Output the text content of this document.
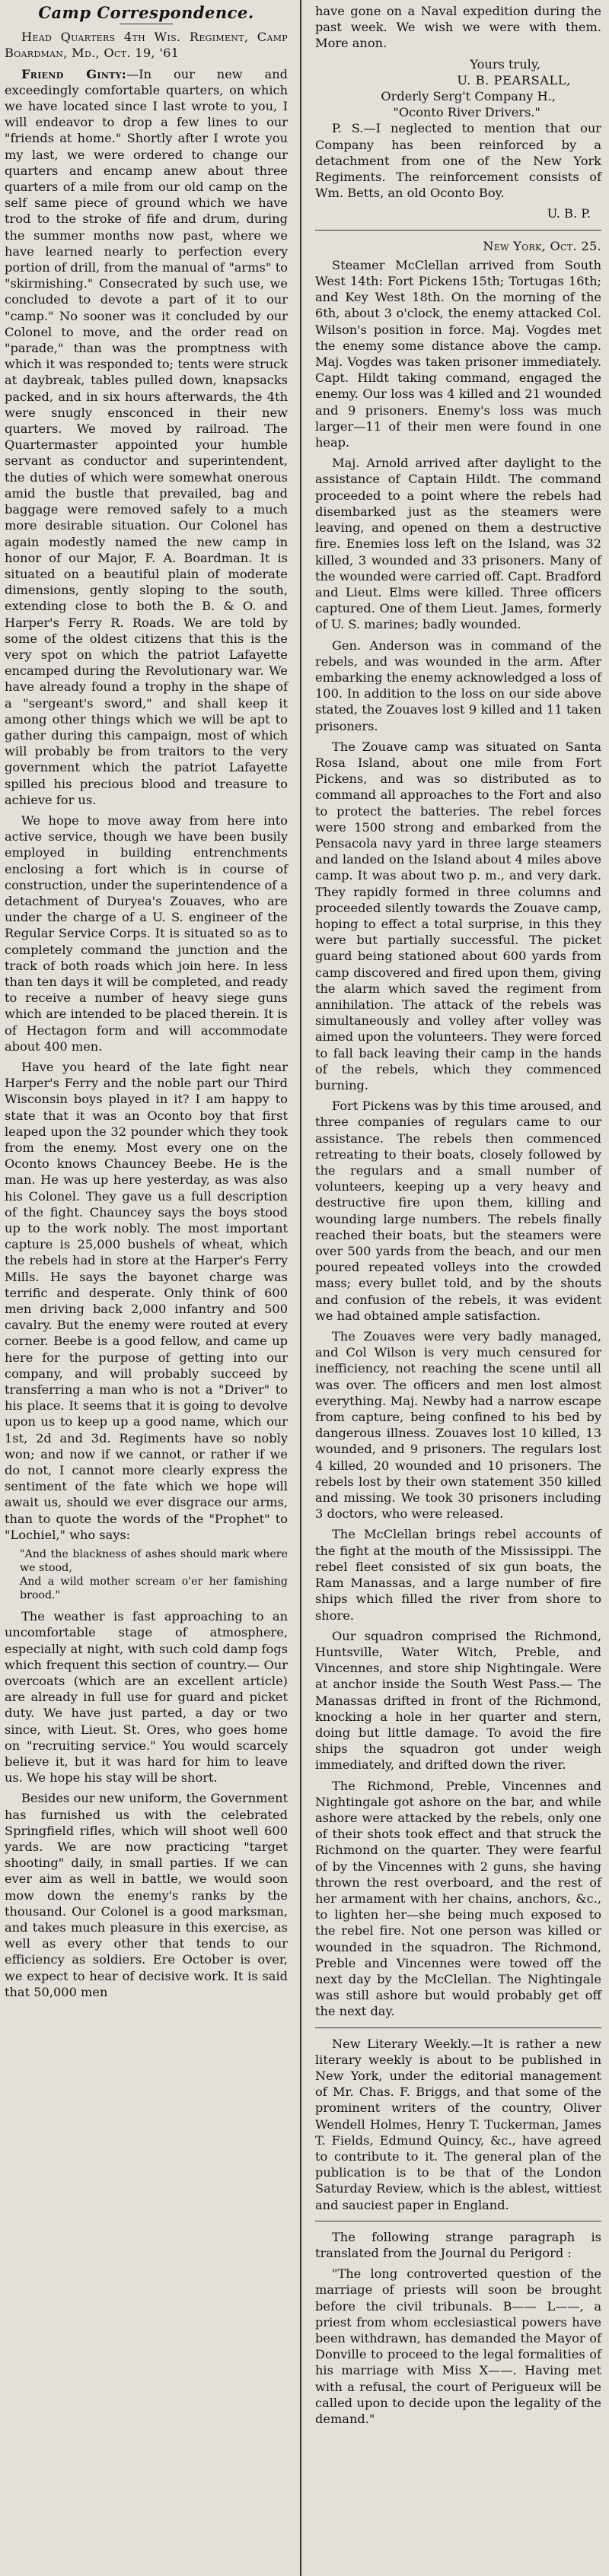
Camp Correspondence.

Head Quarters 4th Wis. Regiment, Camp Boardman, Md., Oct. 19, '61

Friend Ginty:—In our new and exceedingly comfortable quarters, on which we have located since I last wrote to you, I will endeavor to drop a few lines to our "friends at home." Shortly after I wrote you my last, we were ordered to change our quarters and encamp anew about three quarters of a mile from our old camp on the self same piece of ground which we have trod to the stroke of fife and drum, during the summer months now past, where we have learned nearly to perfection every portion of drill, from the manual of "arms" to "skirmishing." Consecrated by such use, we concluded to devote a part of it to our "camp." No sooner was it concluded by our Colonel to move, and the order read on "parade," than was the promptness with which it was responded to; tents were struck at daybreak, tables pulled down, knapsacks packed, and in six hours afterwards, the 4th were snugly ensconced in their new quarters. We moved by railroad. The Quartermaster appointed your humble servant as conductor and superintendent, the duties of which were somewhat onerous amid the bustle that prevailed, bag and baggage were removed safely to a much more desirable situation. Our Colonel has again modestly named the new camp in honor of our Major, F. A. Boardman. It is situated on a beautiful plain of moderate dimensions, gently sloping to the south, extending close to both the B. & O. and Harper's Ferry R. Roads. We are told by some of the oldest citizens that this is the very spot on which the patriot Lafayette encamped during the Revolutionary war. We have already found a trophy in the shape of a "sergeant's sword," and shall keep it among other things which we will be apt to gather during this campaign, most of which will probably be from traitors to the very government which the patriot Lafayette spilled his precious blood and treasure to achieve for us.

We hope to move away from here into active service, though we have been busily employed in building entrenchments enclosing a fort which is in course of construction, under the superintendence of a detachment of Duryea's Zouaves, who are under the charge of a U. S. engineer of the Regular Service Corps. It is situated so as to completely command the junction and the track of both roads which join here. In less than ten days it will be completed, and ready to receive a number of heavy siege guns which are intended to be placed therein. It is of Hectagon form and will accommodate about 400 men.

Have you heard of the late fight near Harper's Ferry and the noble part our Third Wisconsin boys played in it? I am happy to state that it was an Oconto boy that first leaped upon the 32 pounder which they took from the enemy. Most every one on the Oconto knows Chauncey Beebe. He is the man. He was up here yesterday, as was also his Colonel. They gave us a full description of the fight. Chauncey says the boys stood up to the work nobly. The most important capture is 25,000 bushels of wheat, which the rebels had in store at the Harper's Ferry Mills. He says the bayonet charge was terrific and desperate. Only think of 600 men driving back 2,000 infantry and 500 cavalry. But the enemy were routed at every corner. Beebe is a good fellow, and came up here for the purpose of getting into our company, and will probably succeed by transferring a man who is not a "Driver" to his place. It seems that it is going to devolve upon us to keep up a good name, which our 1st, 2d and 3d. Regiments have so nobly won; and now if we cannot, or rather if we do not, I cannot more clearly express the sentiment of the fate which we hope will await us, should we ever disgrace our arms, than to quote the words of the "Prophet" to "Lochiel," who says:

"And the blackness of ashes should mark where we stood,
And a wild mother scream o'er her famishing brood."

The weather is fast approaching to an uncomfortable stage of atmosphere, especially at night, with such cold damp fogs which frequent this section of country.— Our overcoats (which are an excellent article) are already in full use for guard and picket duty. We have just parted, a day or two since, with Lieut. St. Ores, who goes home on "recruiting service." You would scarcely believe it, but it was hard for him to leave us. We hope his stay will be short.

Besides our new uniform, the Government has furnished us with the celebrated Springfield rifles, which will shoot well 600 yards. We are now practicing "target shooting" daily, in small parties. If we can ever aim as well in battle, we would soon mow down the enemy's ranks by the thousand. Our Colonel is a good marksman, and takes much pleasure in this exercise, as well as every other that tends to our efficiency as soldiers. Ere October is over, we expect to hear of decisive work. It is said that 50,000 men

have gone on a Naval expedition during the past week. We wish we were with them. More anon.

Yours truly,

U. B. PEARSALL,

Orderly Serg't Company H.,

"Oconto River Drivers."

P. S.—I neglected to mention that our Company has been reinforced by a detachment from one of the New York Regiments. The reinforcement consists of Wm. Betts, an old Oconto Boy.

U. B. P.

New York, Oct. 25.

Steamer McClellan arrived from South West 14th: Fort Pickens 15th; Tortugas 16th; and Key West 18th. On the morning of the 6th, about 3 o'clock, the enemy attacked Col. Wilson's position in force. Maj. Vogdes met the enemy some distance above the camp. Maj. Vogdes was taken prisoner immediately. Capt. Hildt taking command, engaged the enemy. Our loss was 4 killed and 21 wounded and 9 prisoners. Enemy's loss was much larger—11 of their men were found in one heap.

Maj. Arnold arrived after daylight to the assistance of Captain Hildt. The command proceeded to a point where the rebels had disembarked just as the steamers were leaving, and opened on them a destructive fire. Enemies loss left on the Island, was 32 killed, 3 wounded and 33 prisoners. Many of the wounded were carried off. Capt. Bradford and Lieut. Elms were killed. Three officers captured. One of them Lieut. James, formerly of U. S. marines; badly wounded.

Gen. Anderson was in command of the rebels, and was wounded in the arm. After embarking the enemy acknowledged a loss of 100. In addition to the loss on our side above stated, the Zouaves lost 9 killed and 11 taken prisoners.

The Zouave camp was situated on Santa Rosa Island, about one mile from Fort Pickens, and was so distributed as to command all approaches to the Fort and also to protect the batteries. The rebel forces were 1500 strong and embarked from the Pensacola navy yard in three large steamers and landed on the Island about 4 miles above camp. It was about two p. m., and very dark. They rapidly formed in three columns and proceeded silently towards the Zouave camp, hoping to effect a total surprise, in this they were but partially successful. The picket guard being stationed about 600 yards from camp discovered and fired upon them, giving the alarm which saved the regiment from annihilation. The attack of the rebels was simultaneously and volley after volley was aimed upon the volunteers. They were forced to fall back leaving their camp in the hands of the rebels, which they commenced burning.

Fort Pickens was by this time aroused, and three companies of regulars came to our assistance. The rebels then commenced retreating to their boats, closely followed by the regulars and a small number of volunteers, keeping up a very heavy and destructive fire upon them, killing and wounding large numbers. The rebels finally reached their boats, but the steamers were over 500 yards from the beach, and our men poured repeated volleys into the crowded mass; every bullet told, and by the shouts and confusion of the rebels, it was evident we had obtained ample satisfaction.

The Zouaves were very badly managed, and Col Wilson is very much censured for inefficiency, not reaching the scene until all was over. The officers and men lost almost everything. Maj. Newby had a narrow escape from capture, being confined to his bed by dangerous illness. Zouaves lost 10 killed, 13 wounded, and 9 prisoners. The regulars lost 4 killed, 20 wounded and 10 prisoners. The rebels lost by their own statement 350 killed and missing. We took 30 prisoners including 3 doctors, who were released.

The McClellan brings rebel accounts of the fight at the mouth of the Mississippi. The rebel fleet consisted of six gun boats, the Ram Manassas, and a large number of fire ships which filled the river from shore to shore.

Our squadron comprised the Richmond, Huntsville, Water Witch, Preble, and Vincennes, and store ship Nightingale. Were at anchor inside the South West Pass.— The Manassas drifted in front of the Richmond, knocking a hole in her quarter and stern, doing but little damage. To avoid the fire ships the squadron got under weigh immediately, and drifted down the river.

The Richmond, Preble, Vincennes and Nightingale got ashore on the bar, and while ashore were attacked by the rebels, only one of their shots took effect and that struck the Richmond on the quarter. They were fearful of by the Vincennes with 2 guns, she having thrown the rest overboard, and the rest of her armament with her chains, anchors, &c., to lighten her—she being much exposed to the rebel fire. Not one person was killed or wounded in the squadron. The Richmond, Preble and Vincennes were towed off the next day by the McClellan. The Nightingale was still ashore but would probably get off the next day.

New Literary Weekly.—It is rather a new literary weekly is about to be published in New York, under the editorial management of Mr. Chas. F. Briggs, and that some of the prominent writers of the country, Oliver Wendell Holmes, Henry T. Tuckerman, James T. Fields, Edmund Quincy, &c., have agreed to contribute to it. The general plan of the publication is to be that of the London Saturday Review, which is the ablest, wittiest and sauciest paper in England.

The following strange paragraph is translated from the Journal du Perigord :

"The long controverted question of the marriage of priests will soon be brought before the civil tribunals. B—— L——, a priest from whom ecclesiastical powers have been withdrawn, has demanded the Mayor of Donville to proceed to the legal formalities of his marriage with Miss X——. Having met with a refusal, the court of Perigueux will be called upon to decide upon the legality of the demand."
